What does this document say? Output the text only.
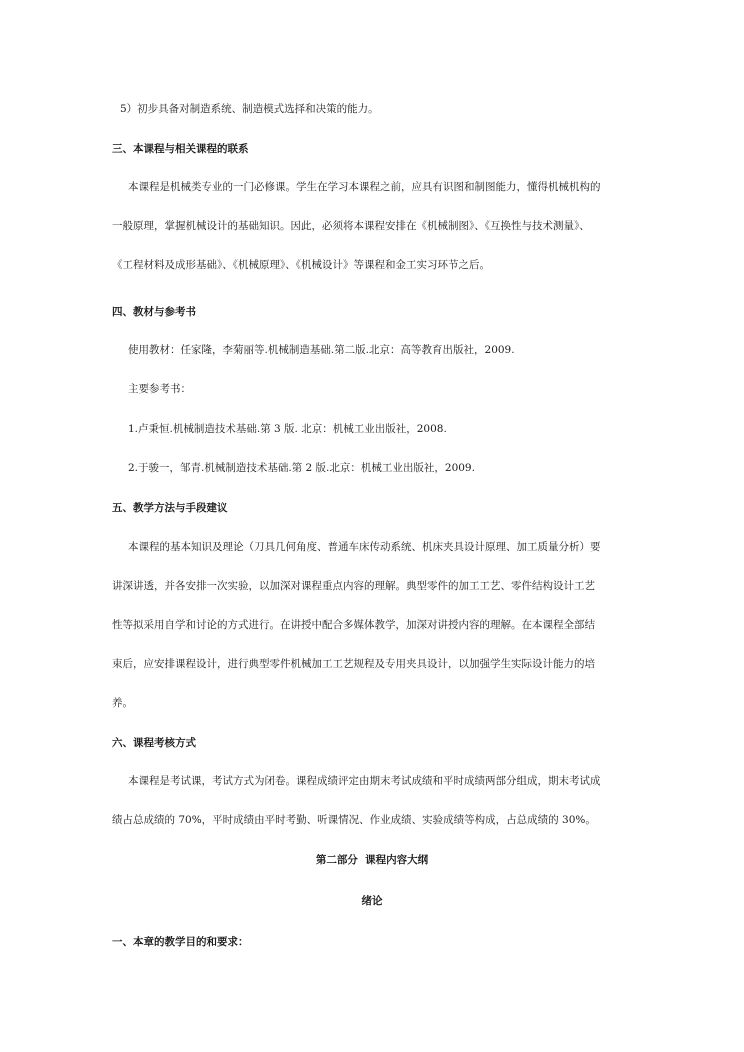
5）初步具备对制造系统、制造模式选择和决策的能力。
三、本课程与相关课程的联系
本课程是机械类专业的一门必修课。学生在学习本课程之前，应具有识图和制图能力，懂得机械机构的
一般原理，掌握机械设计的基础知识。因此，必须将本课程安排在《机械制图》、《互换性与技术测量》、
《工程材料及成形基础》、《机械原理》、《机械设计》等课程和金工实习环节之后。
四、教材与参考书
使用教材：任家隆，李菊丽等.机械制造基础.第二版.北京：高等教育出版社，2009.
主要参考书：
1.卢秉恒.机械制造技术基础.第 3 版. 北京：机械工业出版社，2008.
2.于骏一，邹青.机械制造技术基础.第 2 版.北京：机械工业出版社，2009.
五、教学方法与手段建议
本课程的基本知识及理论（刀具几何角度、普通车床传动系统、机床夹具设计原理、加工质量分析）要
讲深讲透，并各安排一次实验，以加深对课程重点内容的理解。典型零件的加工工艺、零件结构设计工艺
性等拟采用自学和讨论的方式进行。在讲授中配合多媒体教学，加深对讲授内容的理解。在本课程全部结
束后，应安排课程设计，进行典型零件机械加工工艺规程及专用夹具设计，以加强学生实际设计能力的培
养。
六、课程考核方式
本课程是考试课，考试方式为闭卷。课程成绩评定由期末考试成绩和平时成绩两部分组成，期末考试成
绩占总成绩的 70%，平时成绩由平时考勤、听课情况、作业成绩、实验成绩等构成，占总成绩的 30%。
第二部分  课程内容大纲
绪论
一、本章的教学目的和要求：
